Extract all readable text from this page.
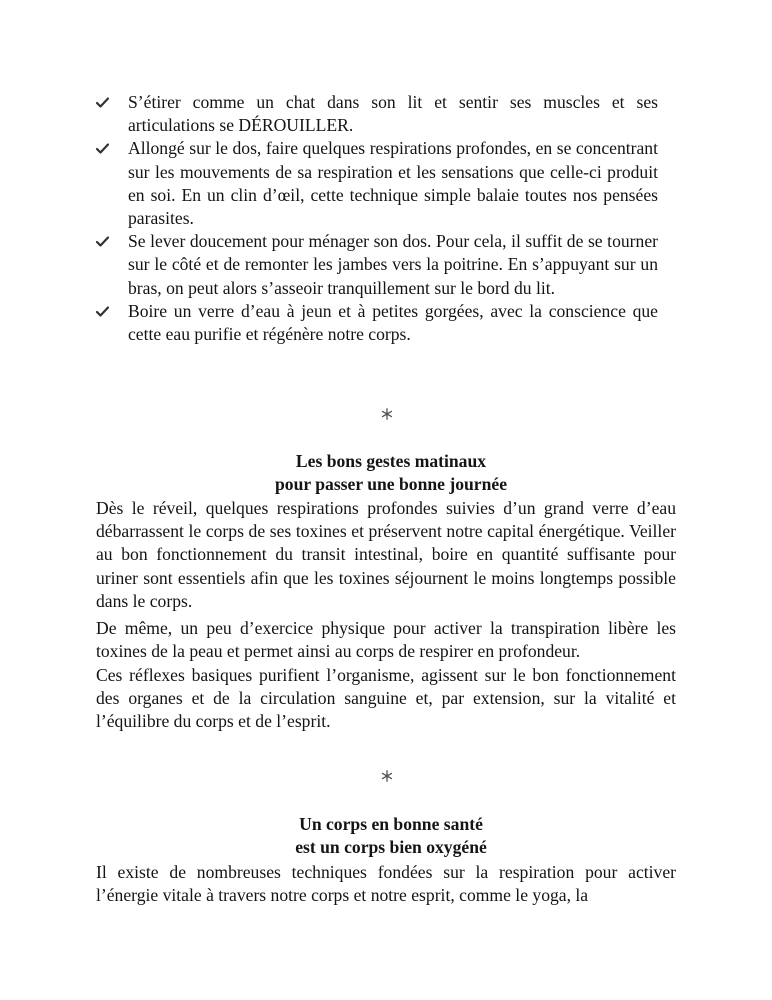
S’étirer comme un chat dans son lit et sentir ses muscles et ses articulations se DÉROUILLER.
Allongé sur le dos, faire quelques respirations profondes, en se concentrant sur les mouvements de sa respiration et les sensations que celle-ci produit en soi. En un clin d’œil, cette technique simple balaie toutes nos pensées parasites.
Se lever doucement pour ménager son dos. Pour cela, il suffit de se tourner sur le côté et de remonter les jambes vers la poitrine. En s’appuyant sur un bras, on peut alors s’asseoir tranquillement sur le bord du lit.
Boire un verre d’eau à jeun et à petites gorgées, avec la conscience que cette eau purifie et régénère notre corps.
Les bons gestes matinaux
pour passer une bonne journée

Dès le réveil, quelques respirations profondes suivies d’un grand verre d’eau débarrassent le corps de ses toxines et préservent notre capital énergétique. Veiller au bon fonctionnement du transit intestinal, boire en quantité suffisante pour uriner sont essentiels afin que les toxines séjournent le moins longtemps possible dans le corps.

De même, un peu d’exercice physique pour activer la transpiration libère les toxines de la peau et permet ainsi au corps de respirer en profondeur.

Ces réflexes basiques purifient l’organisme, agissent sur le bon fonctionnement des organes et de la circulation sanguine et, par extension, sur la vitalité et l’équilibre du corps et de l’esprit.

Un corps en bonne santé
est un corps bien oxygéné

Il existe de nombreuses techniques fondées sur la respiration pour activer l’énergie vitale à travers notre corps et notre esprit, comme le yoga, la
